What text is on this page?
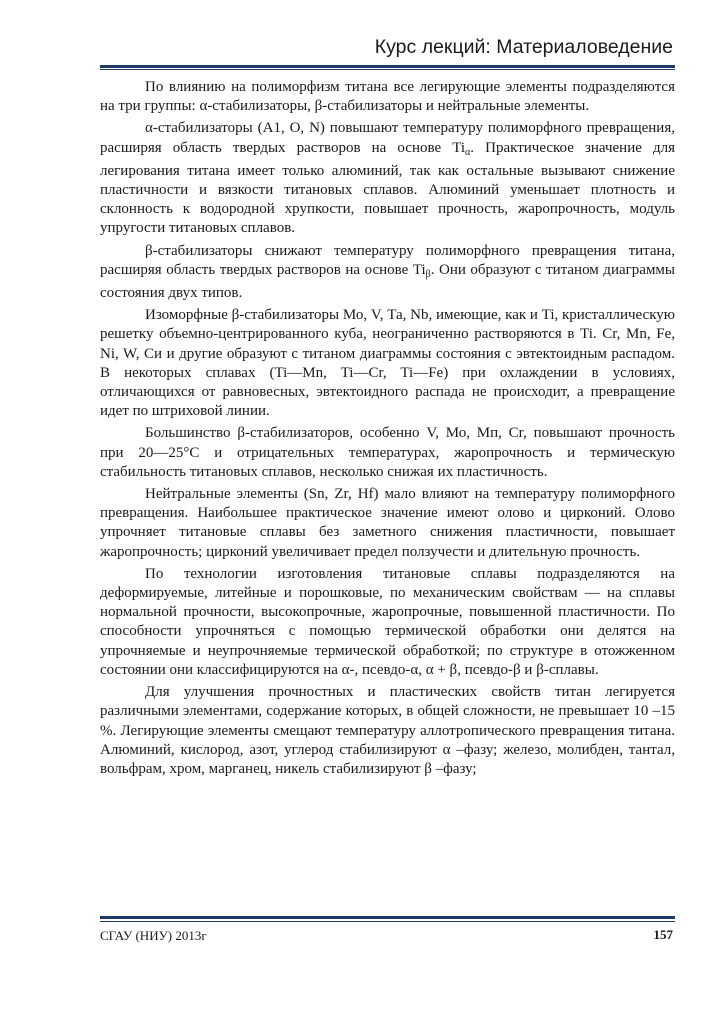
Курс лекций: Материаловедение

По влиянию на полиморфизм титана все легирующие элементы подразделяются на три группы: α-стабилизаторы, β-стабилизаторы и нейтральные элементы.

α-стабилизаторы (А1, О, N) повышают температуру полиморфного превращения, расширяя область твердых растворов на основе $Ti_\alpha$. Практическое значение для легирования титана имеет только алюминий, так как остальные вызывают снижение пластичности и вязкости титановых сплавов. Алюминий уменьшает плотность и склонность к водородной хрупкости, повышает прочность, жаропрочность, модуль упругости титановых сплавов.

β-стабилизаторы снижают температуру полиморфного превращения титана, расширяя область твердых растворов на основе $Ti_\beta$. Они образуют с титаном диаграммы состояния двух типов.

Изоморфные β-стабилизаторы Мо, V, Та, Nb, имеющие, как и Ti, кристаллическую решетку объемно-центрированного куба, неограниченно растворяются в Ti. Cr, Mn, Fe, Ni, W, Си и другие образуют с титаном диаграммы состояния с эвтектоидным распадом. В некоторых сплавах (Ti—Mn, Ti—Cr, Ti—Fe) при охлаждении в условиях, отличающихся от равновесных, эвтектоидного распада не происходит, а превращение идет по штриховой линии.

Большинство β-стабилизаторов, особенно V, Мо, Мп, Cr, повышают прочность при 20—25°С и отрицательных температурах, жаропрочность и термическую стабильность титановых сплавов, несколько снижая их пластичность.

Нейтральные элементы (Sn, Zr, Hf) мало влияют на температуру полиморфного превращения. Наибольшее практическое значение имеют олово и цирконий. Олово упрочняет титановые сплавы без заметного снижения пластичности, повышает жаропрочность; цирконий увеличивает предел ползучести и длительную прочность.

По технологии изготовления титановые сплавы подразделяются на деформируемые, литейные и порошковые, по механическим свойствам — на сплавы нормальной прочности, высокопрочные, жаропрочные, повышенной пластичности. По способности упрочняться с помощью термической обработки они делятся на упрочняемые и неупрочняемые термической обработкой; по структуре в отожженном состоянии они классифицируются на α-, псевдо-α, α + β, псевдо-β и β-сплавы.

Для улучшения прочностных и пластических свойств титан легируется различными элементами, содержание которых, в общей сложности, не превышает 10 –15 %. Легирующие элементы смещают температуру аллотропического превращения титана. Алюминий, кислород, азот, углерод стабилизируют α –фазу; железо, молибден, тантал, вольфрам, хром, марганец, никель стабилизируют β –фазу;

СГАУ (НИУ) 2013г	157
